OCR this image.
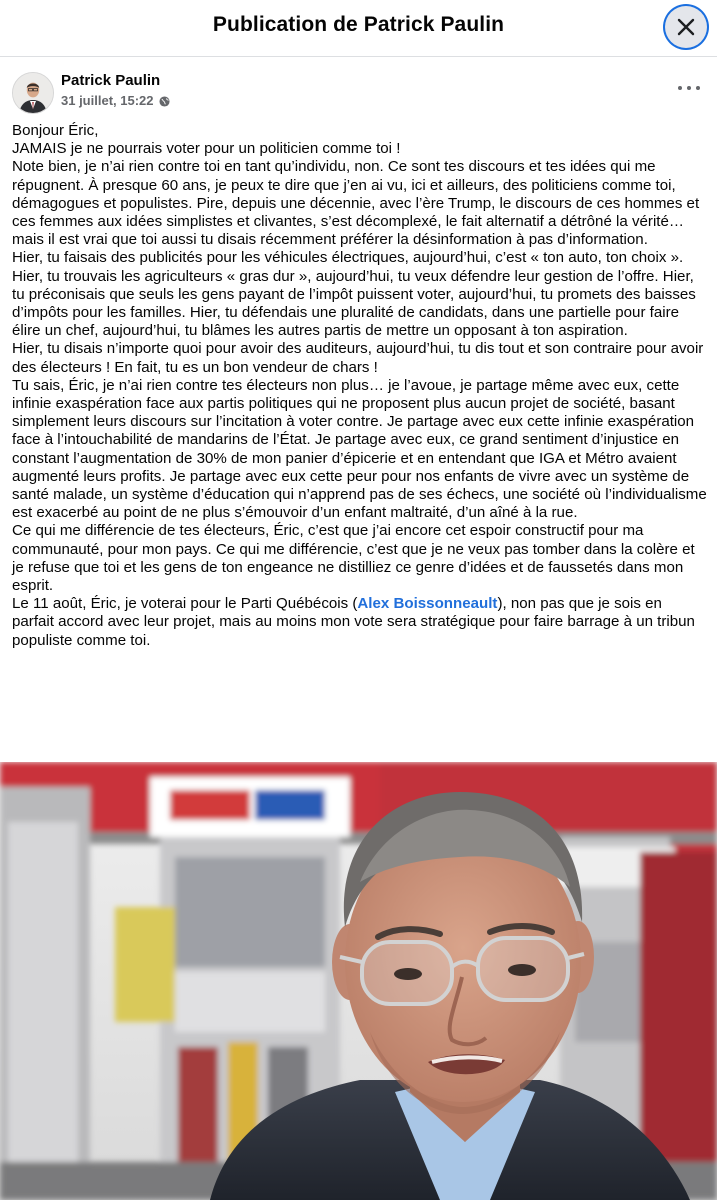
Publication de Patrick Paulin
Patrick Paulin
31 juillet, 15:22

Bonjour Éric,

JAMAIS je ne pourrais voter pour un politicien comme toi !

Note bien, je n’ai rien contre toi en tant qu’individu, non. Ce sont tes discours et tes idées qui me répugnent. À presque 60 ans, je peux te dire que j’en ai vu, ici et ailleurs, des politiciens comme toi, démagogues et populistes. Pire, depuis une décennie, avec l’ère Trump, le discours de ces hommes et ces femmes aux idées simplistes et clivantes, s’est décomplexé, le fait alternatif a détrôné la vérité… mais il est vrai que toi aussi tu disais récemment préférer la désinformation à pas d’information.

Hier, tu faisais des publicités pour les véhicules électriques, aujourd’hui, c’est « ton auto, ton choix ». Hier, tu trouvais les agriculteurs « gras dur », aujourd’hui, tu veux défendre leur gestion de l’offre. Hier, tu préconisais que seuls les gens payant de l’impôt puissent voter, aujourd’hui, tu promets des baisses d’impôts pour les familles. Hier, tu défendais une pluralité de candidats, dans une partielle pour faire élire un chef, aujourd’hui, tu blâmes les autres partis de mettre un opposant à ton aspiration.

Hier, tu disais n’importe quoi pour avoir des auditeurs, aujourd’hui, tu dis tout et son contraire pour avoir des électeurs ! En fait, tu es un bon vendeur de chars !

Tu sais, Éric, je n’ai rien contre tes électeurs non plus… je l’avoue, je partage même avec eux, cette infinie exaspération face aux partis politiques qui ne proposent plus aucun projet de société, basant simplement leurs discours sur l’incitation à voter contre. Je partage avec eux cette infinie exaspération face à l’intouchabilité de mandarins de l’État. Je partage avec eux, ce grand sentiment d’injustice en constant l’augmentation de 30% de mon panier d’épicerie et en entendant que IGA et Métro avaient augmenté leurs profits. Je partage avec eux cette peur pour nos enfants de vivre avec un système de santé malade, un système d’éducation qui n’apprend pas de ses échecs, une société où l’individualisme est exacerbé au point de ne plus s’émouvoir d’un enfant maltraité, d’un aîné à la rue.

Ce qui me différencie de tes électeurs, Éric, c’est que j’ai encore cet espoir constructif pour ma communauté, pour mon pays. Ce qui me différencie, c’est que je ne veux pas tomber dans la colère et je refuse que toi et les gens de ton engeance ne distilliez ce genre d’idées et de faussetés dans mon esprit.

Le 11 août, Éric, je voterai pour le Parti Québécois (Alex Boissonneault), non pas que je sois en parfait accord avec leur projet, mais au moins mon vote sera stratégique pour faire barrage à un tribun populiste comme toi.
